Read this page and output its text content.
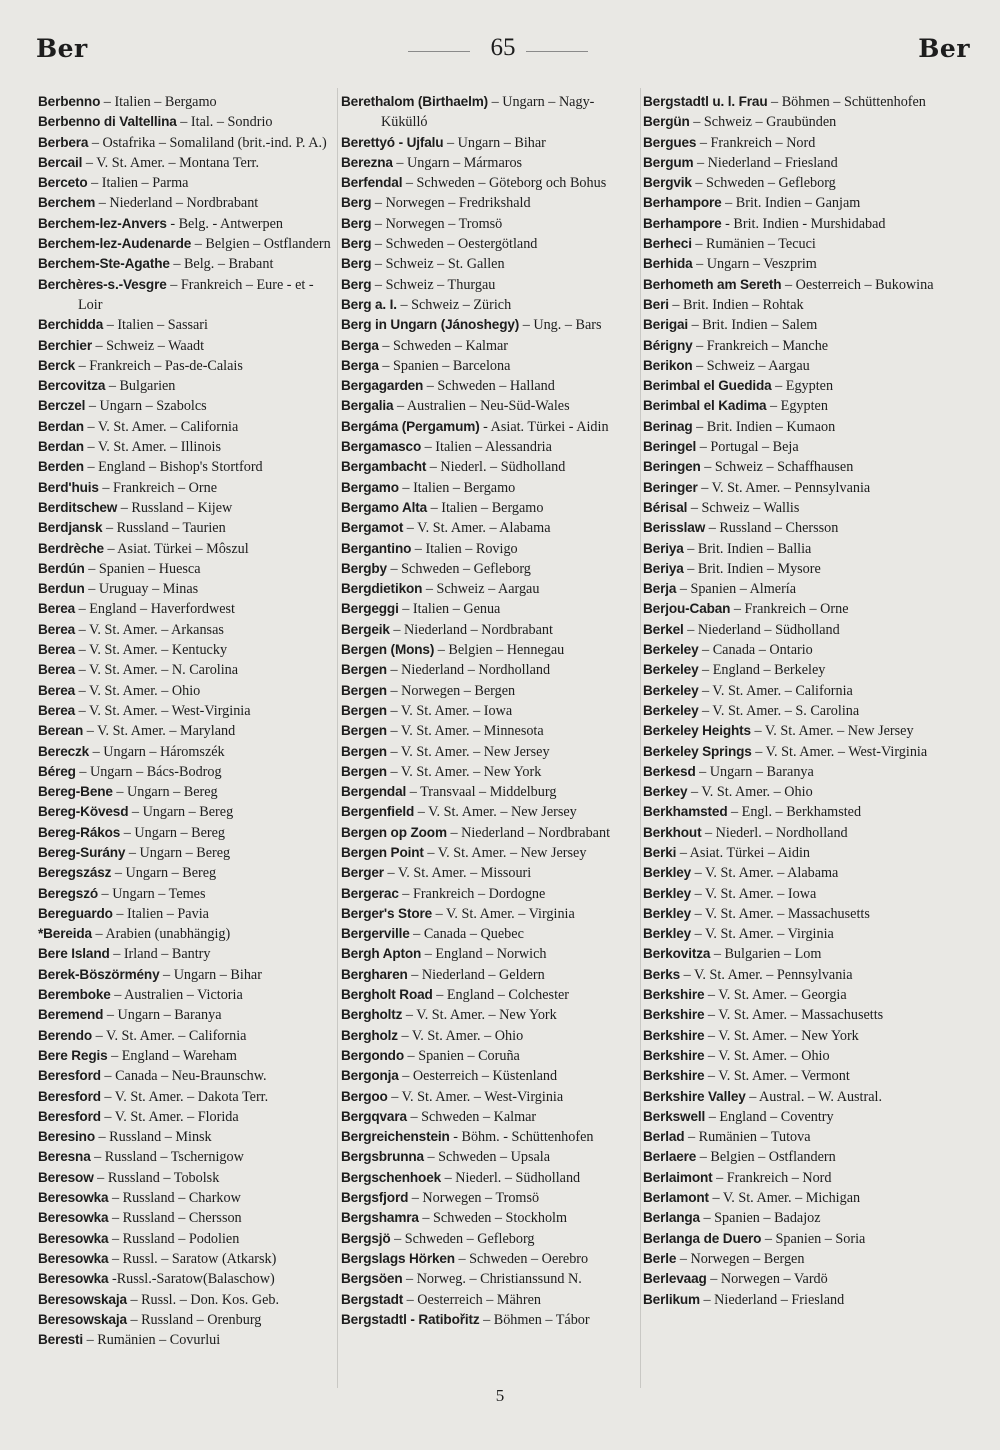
Ber	65	Ber
Berbenno – Italien – Bergamo
Berbenno di Valtellina – Ital. – Sondrio
Berbera – Ostafrika – Somaliland (brit.-ind. P. A.)
Bercail – V. St. Amer. – Montana Terr.
Berceto – Italien – Parma
Berchem – Niederland – Nordbrabant
Berchem-lez-Anvers - Belg. - Antwerpen
Berchem-lez-Audenarde – Belgien – Ostflandern
Berchem-Ste-Agathe – Belg. – Brabant
Berchères-s.-Vesgre – Frankreich – Eure - et - Loir
Berchidda – Italien – Sassari
Berchier – Schweiz – Waadt
Berck – Frankreich – Pas-de-Calais
Bercovitza – Bulgarien
Berczel – Ungarn – Szabolcs
Berdan – V. St. Amer. – California
Berdan – V. St. Amer. – Illinois
Berden – England – Bishop's Stortford
Berd'huis – Frankreich – Orne
Berditschew – Russland – Kijew
Berdjansk – Russland – Taurien
Berdrèche – Asiat. Türkei – Môszul
Berdún – Spanien – Huesca
Berdun – Uruguay – Minas
Berea – England – Haverfordwest
Berea – V. St. Amer. – Arkansas
Berea – V. St. Amer. – Kentucky
Berea – V. St. Amer. – N. Carolina
Berea – V. St. Amer. – Ohio
Berea – V. St. Amer. – West-Virginia
Berean – V. St. Amer. – Maryland
Bereczk – Ungarn – Háromszék
Béreg – Ungarn – Bács-Bodrog
Bereg-Bene – Ungarn – Bereg
Bereg-Kövesd – Ungarn – Bereg
Bereg-Rákos – Ungarn – Bereg
Bereg-Surány – Ungarn – Bereg
Beregszász – Ungarn – Bereg
Beregszó – Ungarn – Temes
Bereguardo – Italien – Pavia
*Bereida – Arabien (unabhängig)
Bere Island – Irland – Bantry
Berek-Böszörmény – Ungarn – Bihar
Beremboke – Australien – Victoria
Beremend – Ungarn – Baranya
Berendo – V. St. Amer. – California
Bere Regis – England – Wareham
Beresford – Canada – Neu-Braunschw.
Beresford – V. St. Amer. – Dakota Terr.
Beresford – V. St. Amer. – Florida
Beresino – Russland – Minsk
Beresna – Russland – Tschernigow
Beresow – Russland – Tobolsk
Beresowka – Russland – Charkow
Beresowka – Russland – Chersson
Beresowka – Russland – Podolien
Beresowka – Russl. – Saratow (Atkarsk)
Beresowka -Russl.-Saratow(Balaschow)
Beresowskaja – Russl. – Don. Kos. Geb.
Beresowskaja – Russland – Orenburg
Beresti – Rumänien – Covurlui
Berethalom (Birthaelm) – Ungarn – Nagy-Kükülló
Berettyó - Ujfalu – Ungarn – Bihar
Berezna – Ungarn – Mármaros
Berfendal – Schweden – Göteborg och Bohus
Berg – Norwegen – Fredrikshald
Berg – Norwegen – Tromsö
Berg – Schweden – Oestergötland
Berg – Schweiz – St. Gallen
Berg – Schweiz – Thurgau
Berg a. I. – Schweiz – Zürich
Berg in Ungarn (Jánoshegy) – Ung. – Bars
Berga – Schweden – Kalmar
Berga – Spanien – Barcelona
Bergagarden – Schweden – Halland
Bergalia – Australien – Neu-Süd-Wales
Bergáma (Pergamum) - Asiat. Türkei - Aidin
Bergamasco – Italien – Alessandria
Bergambacht – Niederl. – Südholland
Bergamo – Italien – Bergamo
Bergamo Alta – Italien – Bergamo
Bergamot – V. St. Amer. – Alabama
Bergantino – Italien – Rovigo
Bergby – Schweden – Gefleborg
Bergdietikon – Schweiz – Aargau
Bergeggi – Italien – Genua
Bergeik – Niederland – Nordbrabant
Bergen (Mons) – Belgien – Hennegau
Bergen – Niederland – Nordholland
Bergen – Norwegen – Bergen
Bergen – V. St. Amer. – Iowa
Bergen – V. St. Amer. – Minnesota
Bergen – V. St. Amer. – New Jersey
Bergen – V. St. Amer. – New York
Bergendal – Transvaal – Middelburg
Bergenfield – V. St. Amer. – New Jersey
Bergen op Zoom – Niederland – Nordbrabant
Bergen Point – V. St. Amer. – New Jersey
Berger – V. St. Amer. – Missouri
Bergerac – Frankreich – Dordogne
Berger's Store – V. St. Amer. – Virginia
Bergerville – Canada – Quebec
Bergh Apton – England – Norwich
Bergharen – Niederland – Geldern
Bergholt Road – England – Colchester
Bergholtz – V. St. Amer. – New York
Bergholz – V. St. Amer. – Ohio
Bergondo – Spanien – Coruña
Bergonja – Oesterreich – Küstenland
Bergoo – V. St. Amer. – West-Virginia
Bergqvara – Schweden – Kalmar
Bergreichenstein - Böhm. - Schüttenhofen
Bergsbrunna – Schweden – Upsala
Bergschenhoek – Niederl. – Südholland
Bergsfjord – Norwegen – Tromsö
Bergshamra – Schweden – Stockholm
Bergsjö – Schweden – Gefleborg
Bergslags Hörken – Schweden – Oerebro
Bergsöen – Norweg. – Christianssund N.
Bergstadt – Oesterreich – Mähren
Bergstadtl - Ratibořitz – Böhmen – Tábor
Bergstadtl u. l. Frau – Böhmen – Schüttenhofen
Bergün – Schweiz – Graubünden
Bergues – Frankreich – Nord
Bergum – Niederland – Friesland
Bergvik – Schweden – Gefleborg
Berhampore – Brit. Indien – Ganjam
Berhampore - Brit. Indien - Murshidabad
Berheci – Rumänien – Tecuci
Berhida – Ungarn – Veszprim
Berhometh am Sereth – Oesterreich – Bukowina
Beri – Brit. Indien – Rohtak
Berigai – Brit. Indien – Salem
Bérigny – Frankreich – Manche
Berikon – Schweiz – Aargau
Berimbal el Guedida – Egypten
Berimbal el Kadima – Egypten
Berinag – Brit. Indien – Kumaon
Beringel – Portugal – Beja
Beringen – Schweiz – Schaffhausen
Beringer – V. St. Amer. – Pennsylvania
Bérisal – Schweiz – Wallis
Berisslaw – Russland – Chersson
Beriya – Brit. Indien – Ballia
Beriya – Brit. Indien – Mysore
Berja – Spanien – Almería
Berjou-Caban – Frankreich – Orne
Berkel – Niederland – Südholland
Berkeley – Canada – Ontario
Berkeley – England – Berkeley
Berkeley – V. St. Amer. – California
Berkeley – V. St. Amer. – S. Carolina
Berkeley Heights – V. St. Amer. – New Jersey
Berkeley Springs – V. St. Amer. – West-Virginia
Berkesd – Ungarn – Baranya
Berkey – V. St. Amer. – Ohio
Berkhamsted – Engl. – Berkhamsted
Berkhout – Niederl. – Nordholland
Berki – Asiat. Türkei – Aidin
Berkley – V. St. Amer. – Alabama
Berkley – V. St. Amer. – Iowa
Berkley – V. St. Amer. – Massachusetts
Berkley – V. St. Amer. – Virginia
Berkovitza – Bulgarien – Lom
Berks – V. St. Amer. – Pennsylvania
Berkshire – V. St. Amer. – Georgia
Berkshire – V. St. Amer. – Massachusetts
Berkshire – V. St. Amer. – New York
Berkshire – V. St. Amer. – Ohio
Berkshire – V. St. Amer. – Vermont
Berkshire Valley – Austral. – W. Austral.
Berkswell – England – Coventry
Berlad – Rumänien – Tutova
Berlaere – Belgien – Ostflandern
Berlaimont – Frankreich – Nord
Berlamont – V. St. Amer. – Michigan
Berlanga – Spanien – Badajoz
Berlanga de Duero – Spanien – Soria
Berle – Norwegen – Bergen
Berlevaag – Norwegen – Vardö
Berlikum – Niederland – Friesland
5
